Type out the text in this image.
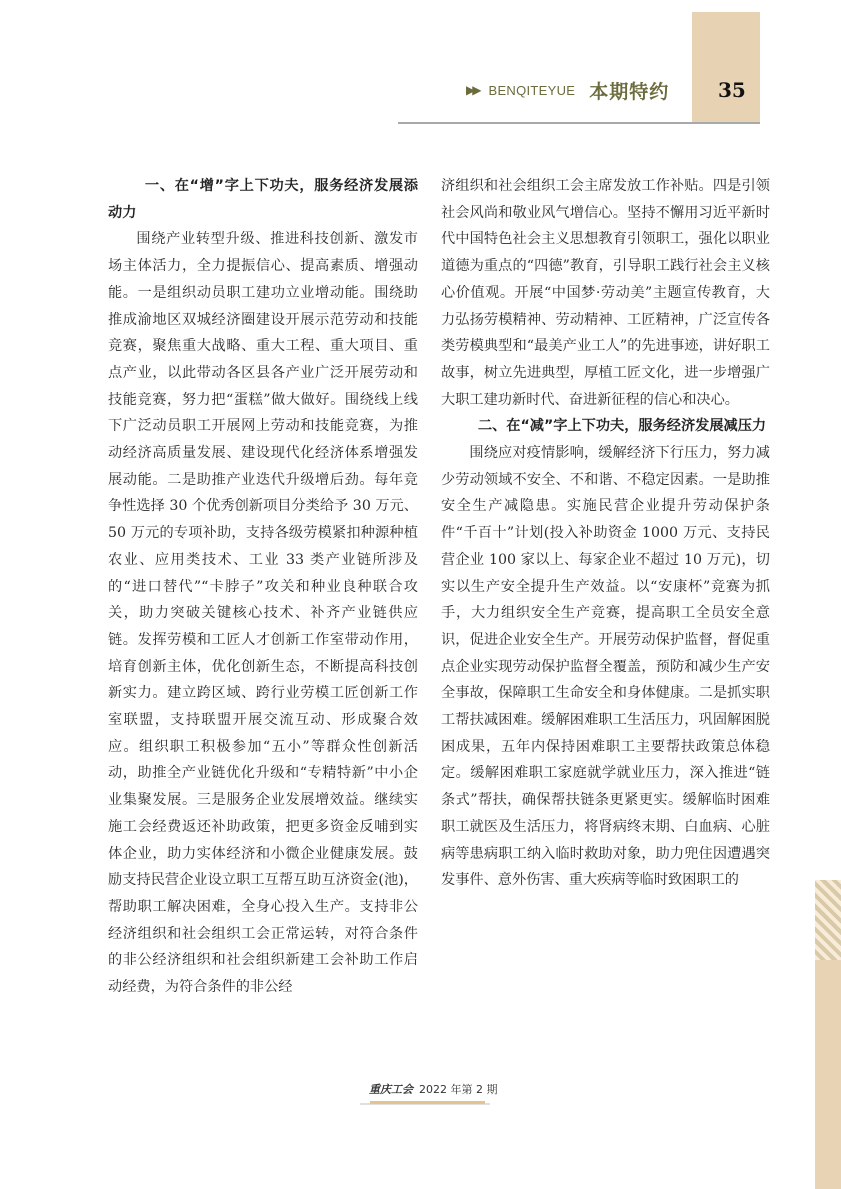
▶▶ BENQITEYUE 本期特约 35
一、在“增”字上下功夫，服务经济发展添动力

围绕产业转型升级、推进科技创新、激发市场主体活力，全力提振信心、提高素质、增强动能。一是组织动员职工建功立业增动能。围绕助推成渝地区双城经济圈建设开展示范劳动和技能竞赛，聚焦重大战略、重大工程、重大项目、重点产业，以此带动各区县各产业广泛开展劳动和技能竞赛，努力把“蛋糕”做大做好。围绕线上线下广泛动员职工开展网上劳动和技能竞赛，为推动经济高质量发展、建设现代化经济体系增强发展动能。二是助推产业迭代升级增后劲。每年竞争性选择 30 个优秀创新项目分类给予 30 万元、50 万元的专项补助，支持各级劳模紧扣种源种植农业、应用类技术、工业 33 类产业链所涉及的“进口替代”“卡脖子”攻关和种业良种联合攻关，助力突破关键核心技术、补齐产业链供应链。发挥劳模和工匠人才创新工作室带动作用，培育创新主体，优化创新生态，不断提高科技创新实力。建立跨区域、跨行业劳模工匠创新工作室联盟，支持联盟开展交流互动、形成聚合效应。组织职工积极参加“五小”等群众性创新活动，助推全产业链优化升级和“专精特新”中小企业集聚发展。三是服务企业发展增效益。继续实施工会经费返还补助政策，把更多资金反哺到实体企业，助力实体经济和小微企业健康发展。鼓励支持民营企业设立职工互帮互助互济资金(池)，帮助职工解决困难，全身心投入生产。支持非公经济组织和社会组织工会正常运转，对符合条件的非公经济组织和社会组织新建工会补助工作启动经费，为符合条件的非公经

济组织和社会组织工会主席发放工作补贴。四是引领社会风尚和敬业风气增信心。坚持不懈用习近平新时代中国特色社会主义思想教育引领职工，强化以职业道德为重点的“四德”教育，引导职工践行社会主义核心价值观。开展“中国梦·劳动美”主题宣传教育，大力弘扬劳模精神、劳动精神、工匠精神，广泛宣传各类劳模典型和“最美产业工人”的先进事迹，讲好职工故事，树立先进典型，厚植工匠文化，进一步增强广大职工建功新时代、奋进新征程的信心和决心。

二、在“减”字上下功夫，服务经济发展减压力

围绕应对疫情影响，缓解经济下行压力，努力减少劳动领域不安全、不和谐、不稳定因素。一是助推安全生产减隐患。实施民营企业提升劳动保护条件“千百十”计划(投入补助资金 1000 万元、支持民营企业 100 家以上、每家企业不超过 10 万元)，切实以生产安全提升生产效益。以“安康杯”竞赛为抓手，大力组织安全生产竞赛，提高职工全员安全意识，促进企业安全生产。开展劳动保护监督，督促重点企业实现劳动保护监督全覆盖，预防和减少生产安全事故，保障职工生命安全和身体健康。二是抓实职工帮扶减困难。缓解困难职工生活压力，巩固解困脱困成果，五年内保持困难职工主要帮扶政策总体稳定。缓解困难职工家庭就学就业压力，深入推进“链条式”帮扶，确保帮扶链条更紧更实。缓解临时困难职工就医及生活压力，将肾病终末期、白血病、心脏病等患病职工纳入临时救助对象，助力兜住因遭遇突发事件、意外伤害、重大疾病等临时致困职工的

重庆工会 2022 年第 2 期
